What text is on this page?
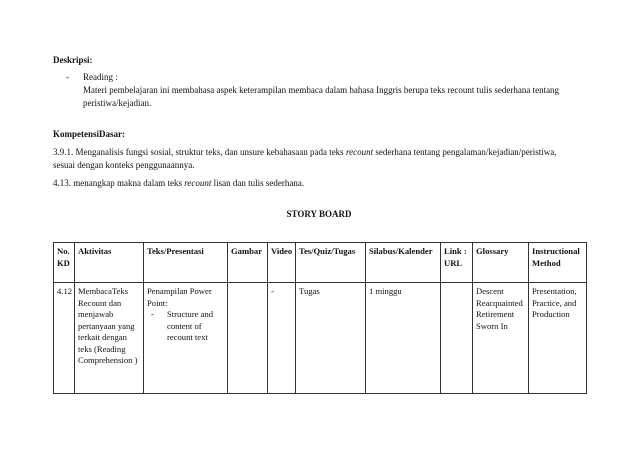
Deskripsi:
- Reading :
Materi pembelajaran ini membahasa aspek keterampilan membaca dalam bahasa Inggris berupa teks recount tulis sederhana tentang
peristiwa/kejadian.
KompetensiDasar:
3.9.1. Menganalisis fungsi sosial, struktur teks, dan unsure kebahasaan pada teks recount sederhana tentang pengalaman/kejadian/peristiwa,
sesuai dengan konteks penggunaannya.
4.13. menangkap makna dalam teks recount lisan dan tulis sederhana.
STORY BOARD
No. KD	Aktivitas	Teks/Presentasi	Gambar	Video	Tes/Quiz/Tugas	Silabus/Kalender	Link : URL	Glossary	Instructional Method
4.12	MembacaTeks Recount dan menjawab pertanyaan yang terkait dengan teks (Reading Comprehension )	Penampilan Power Point:
- Structure and content of recount text		-	Tugas	1 minggu		Descent Reacquainted Retirement Sworn In	Presentation, Practice, and Production
